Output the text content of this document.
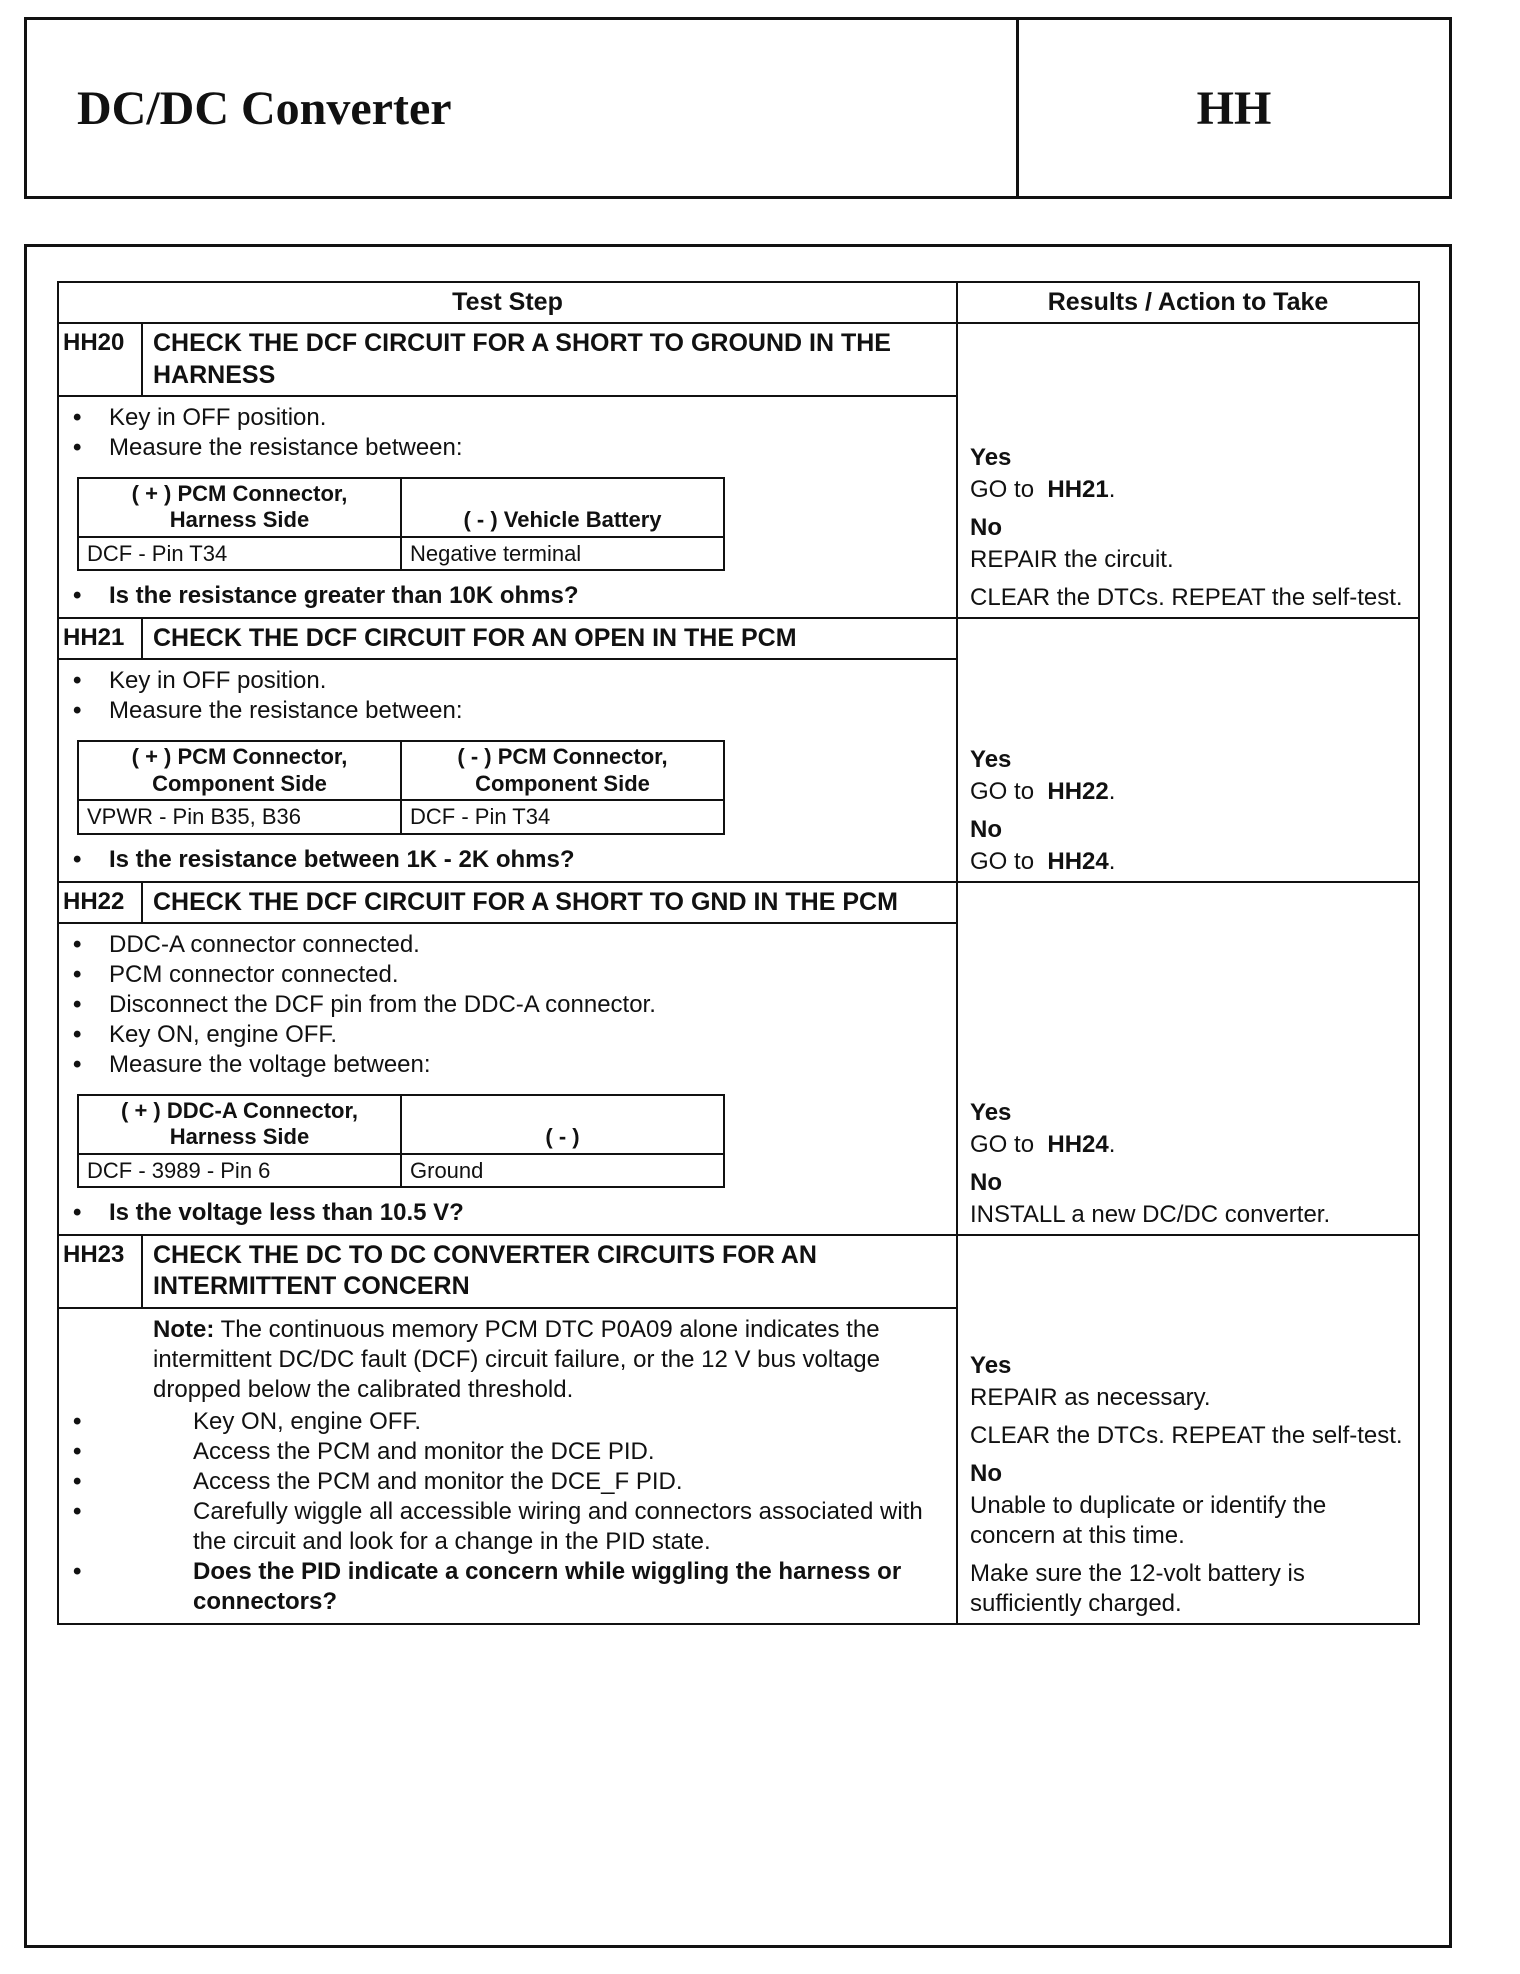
DC/DC Converter	HH
Test Step	Results / Action to Take
HH20	CHECK THE DCF CIRCUIT FOR A SHORT TO GROUND IN THE HARNESS	
Yes
GO to HH21.
No
REPAIR the circuit.
CLEAR the DTCs. REPEAT the self-test.

• Key in OFF position.
• Measure the resistance between:
( + ) PCM Connector, Harness Side	( - ) Vehicle Battery
DCF - Pin T34	Negative terminal
• Is the resistance greater than 10K ohms?

HH21	CHECK THE DCF CIRCUIT FOR AN OPEN IN THE PCM	
Yes
GO to HH22.
No
GO to HH24.

• Key in OFF position.
• Measure the resistance between:
( + ) PCM Connector, Component Side	( - ) PCM Connector, Component Side
VPWR - Pin B35, B36	DCF - Pin T34
• Is the resistance between 1K - 2K ohms?

HH22	CHECK THE DCF CIRCUIT FOR A SHORT TO GND IN THE PCM	
Yes
GO to HH24.
No
INSTALL a new DC/DC converter.

• DDC-A connector connected.
• PCM connector connected.
• Disconnect the DCF pin from the DDC-A connector.
• Key ON, engine OFF.
• Measure the voltage between:
( + ) DDC-A Connector, Harness Side	( - )
DCF - 3989 - Pin 6	Ground
• Is the voltage less than 10.5 V?

HH23	CHECK THE DC TO DC CONVERTER CIRCUITS FOR AN INTERMITTENT CONCERN	
Yes
REPAIR as necessary.
CLEAR the DTCs. REPEAT the self-test.
No
Unable to duplicate or identify the concern at this time.
Make sure the 12-volt battery is sufficiently charged.

Note: The continuous memory PCM DTC P0A09 alone indicates the intermittent DC/DC fault (DCF) circuit failure, or the 12 V bus voltage dropped below the calibrated threshold.
• Key ON, engine OFF.
• Access the PCM and monitor the DCE PID.
• Access the PCM and monitor the DCE_F PID.
• Carefully wiggle all accessible wiring and connectors associated with the circuit and look for a change in the PID state.
• Does the PID indicate a concern while wiggling the harness or connectors?
